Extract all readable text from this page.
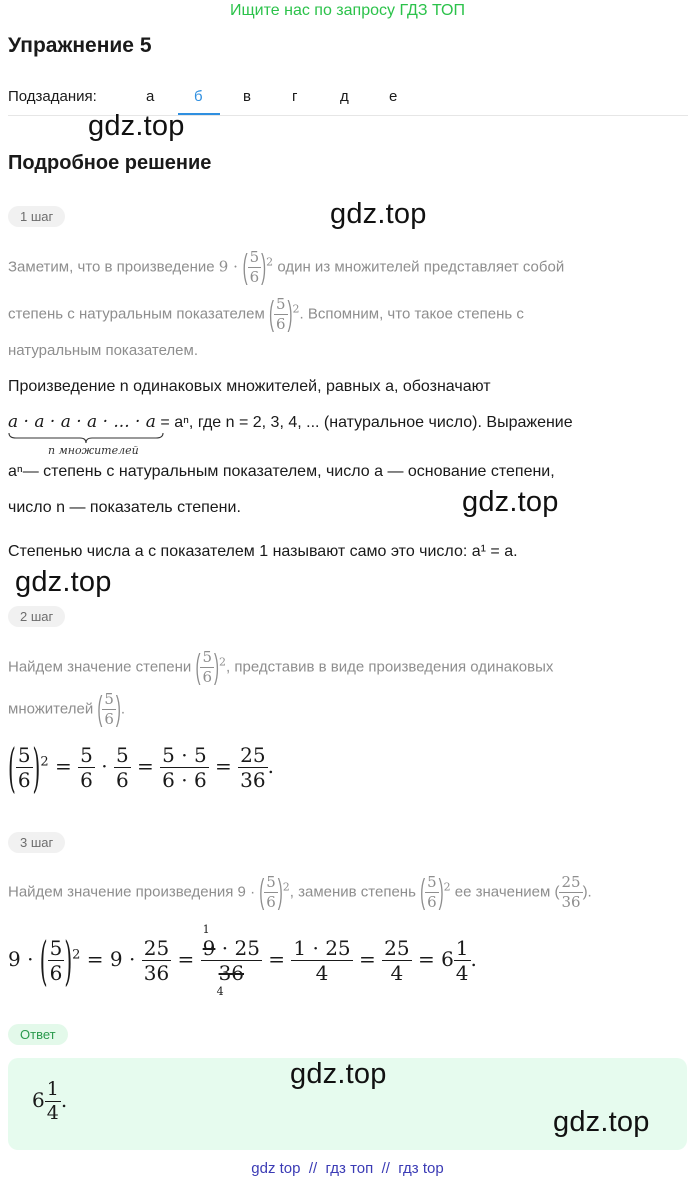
Ищите нас по запросу ГДЗ ТОП
Упражнение 5
Подзадания:	а	б	в	г	д	е
gdz.top
Подробное решение
1 шаг	gdz.top
Заметим, что в произведение 9 · ( $\frac{5}{6} )^2$ один из множителей представляет собой
степень с натуральным показателем ( $\frac{5}{6} )^2$. Вспомним, что такое степень с
натуральным показателем.
Произведение n одинаковых множителей, равных a, обозначают
a · a · a · a · ... · a = aⁿ, где n = 2, 3, 4, ... (натуральное число). Выражение
n множителей
aⁿ— степень с натуральным показателем, число a — основание степени,
число n — показатель степени.	gdz.top
Степенью числа a с показателем 1 называют само это число: a¹ = a.
gdz.top
2 шаг
Найдем значение степени ( $\frac{5}{6} )^2$, представив в виде произведения одинаковых
множителей ( $\frac{5}{6}$ ).
( $\frac{5}{6} )^2 = \frac{5}{6} \cdot \frac{5}{6} = \frac{5 \cdot 5}{6 \cdot 6} = \frac{25}{36}$ .
3 шаг
Найдем значение произведения 9 · ( $\frac{5}{6} )^2$, заменив степень ( $\frac{5}{6} )^2$ ее значением ( $\frac{25}{36}$ ).
9 · ( $\frac{5}{6} )^2 = 9 \cdot \frac{25}{36} = 9 \cdot 25$
36
1
4
= $\frac{1 \cdot 25}{4} = \frac{25}{4} = 6 \frac{1}{4}$ .
Ответ
$6 \frac{1}{4}$ .
gdz.top
gdz.top
gdz top  //  гдз топ  //  гдз top
